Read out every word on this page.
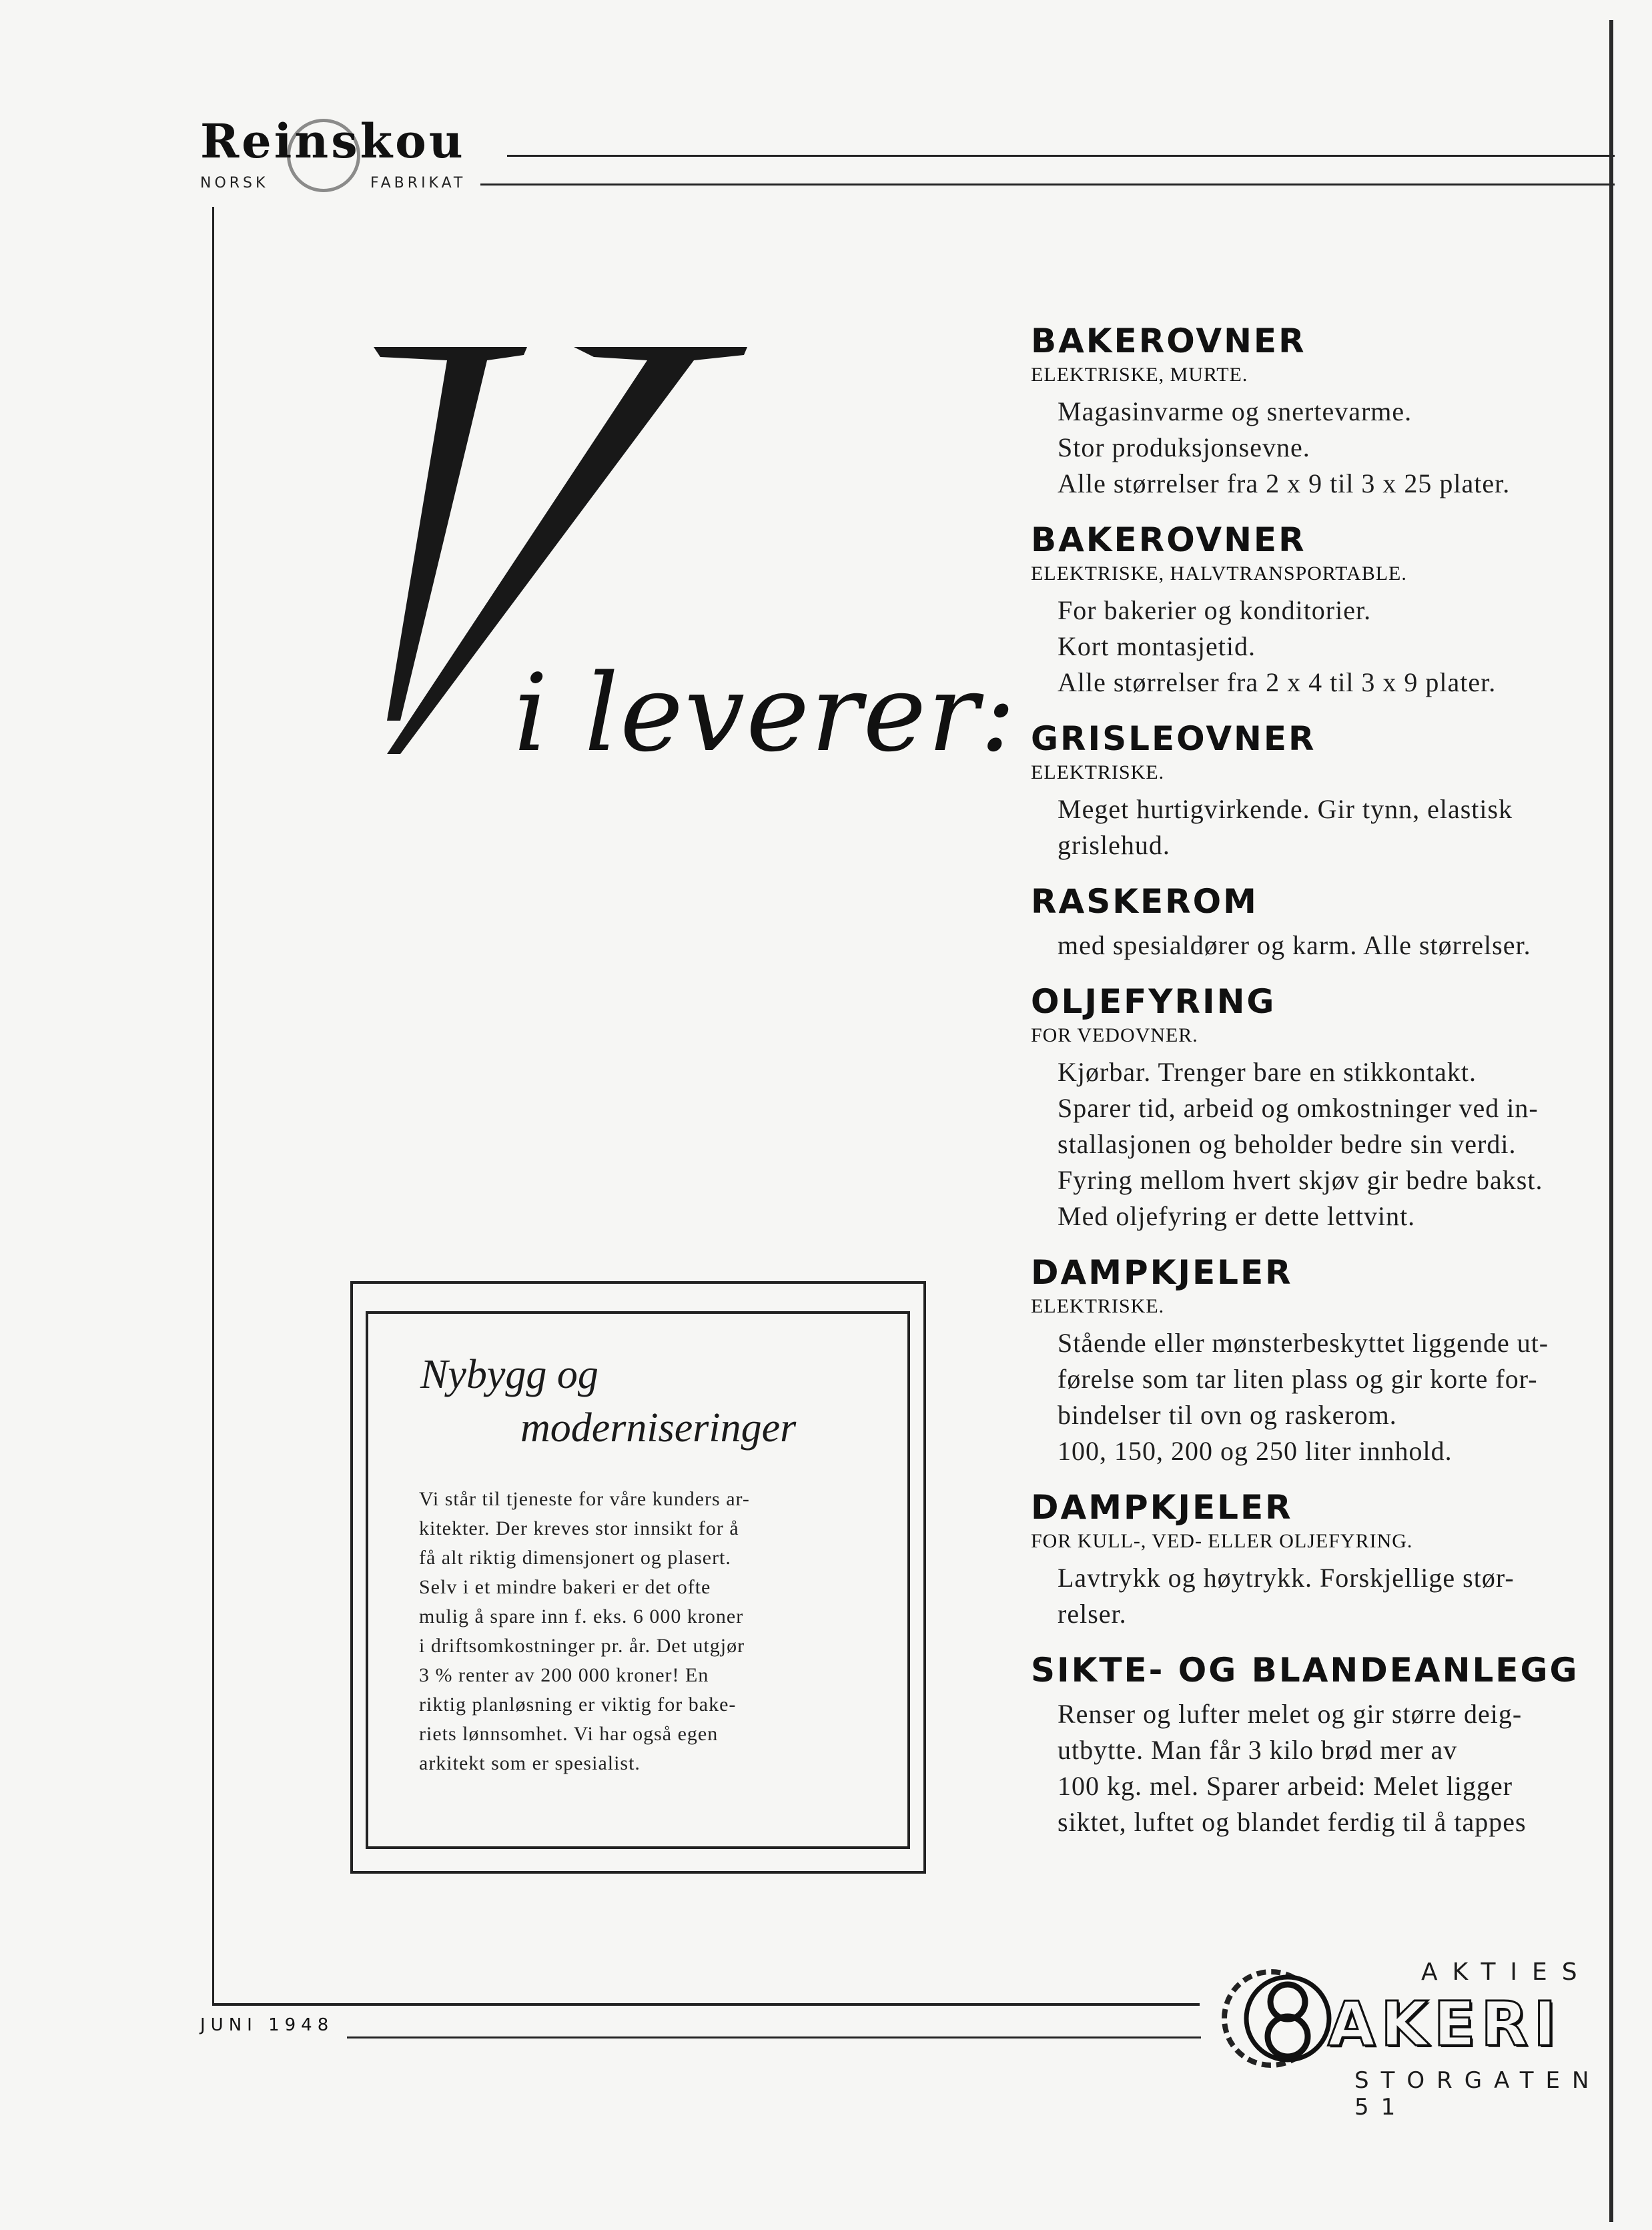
Reinskou
NORSK	FABRIKAT
i leverer:
BAKEROVNER
ELEKTRISKE, MURTE.
Magasinvarme og snertevarme.
Stor produksjonsevne.
Alle størrelser fra 2 x 9 til 3 x 25 plater.
BAKEROVNER
ELEKTRISKE, HALVTRANSPORTABLE.
For bakerier og konditorier.
Kort montasjetid.
Alle størrelser fra 2 x 4 til 3 x 9 plater.
GRISLEOVNER
ELEKTRISKE.
Meget hurtigvirkende. Gir tynn, elastisk
grislehud.
RASKEROM
med spesialdører og karm. Alle størrelser.
OLJEFYRING
FOR VEDOVNER.
Kjørbar. Trenger bare en stikkontakt.
Sparer tid, arbeid og omkostninger ved in-
stallasjonen og beholder bedre sin verdi.
Fyring mellom hvert skjøv gir bedre bakst.
Med oljefyring er dette lettvint.
DAMPKJELER
ELEKTRISKE.
Stående eller mønsterbeskyttet liggende ut-
førelse som tar liten plass og gir korte for-
bindelser til ovn og raskerom.
100, 150, 200 og 250 liter innhold.
DAMPKJELER
FOR KULL-, VED- ELLER OLJEFYRING.
Lavtrykk og høytrykk. Forskjellige stør-
relser.
SIKTE- OG BLANDEANLEGG
Renser og lufter melet og gir større deig-
utbytte. Man får 3 kilo brød mer av
100 kg. mel. Sparer arbeid: Melet ligger
siktet, luftet og blandet ferdig til å tappes
Nybygg og
moderniseringer
Vi står til tjeneste for våre kunders ar-
kitekter. Der kreves stor innsikt for å
få alt riktig dimensjonert og plasert.
Selv i et mindre bakeri er det ofte
mulig å spare inn f. eks. 6 000 kroner
i driftsomkostninger pr. år. Det utgjør
3 % renter av 200 000 kroner! En
riktig planløsning er viktig for bake-
riets lønnsomhet. Vi har også egen
arkitekt som er spesialist.
JUNI 1948
AKTIES
AKERI
STORGATEN 51
